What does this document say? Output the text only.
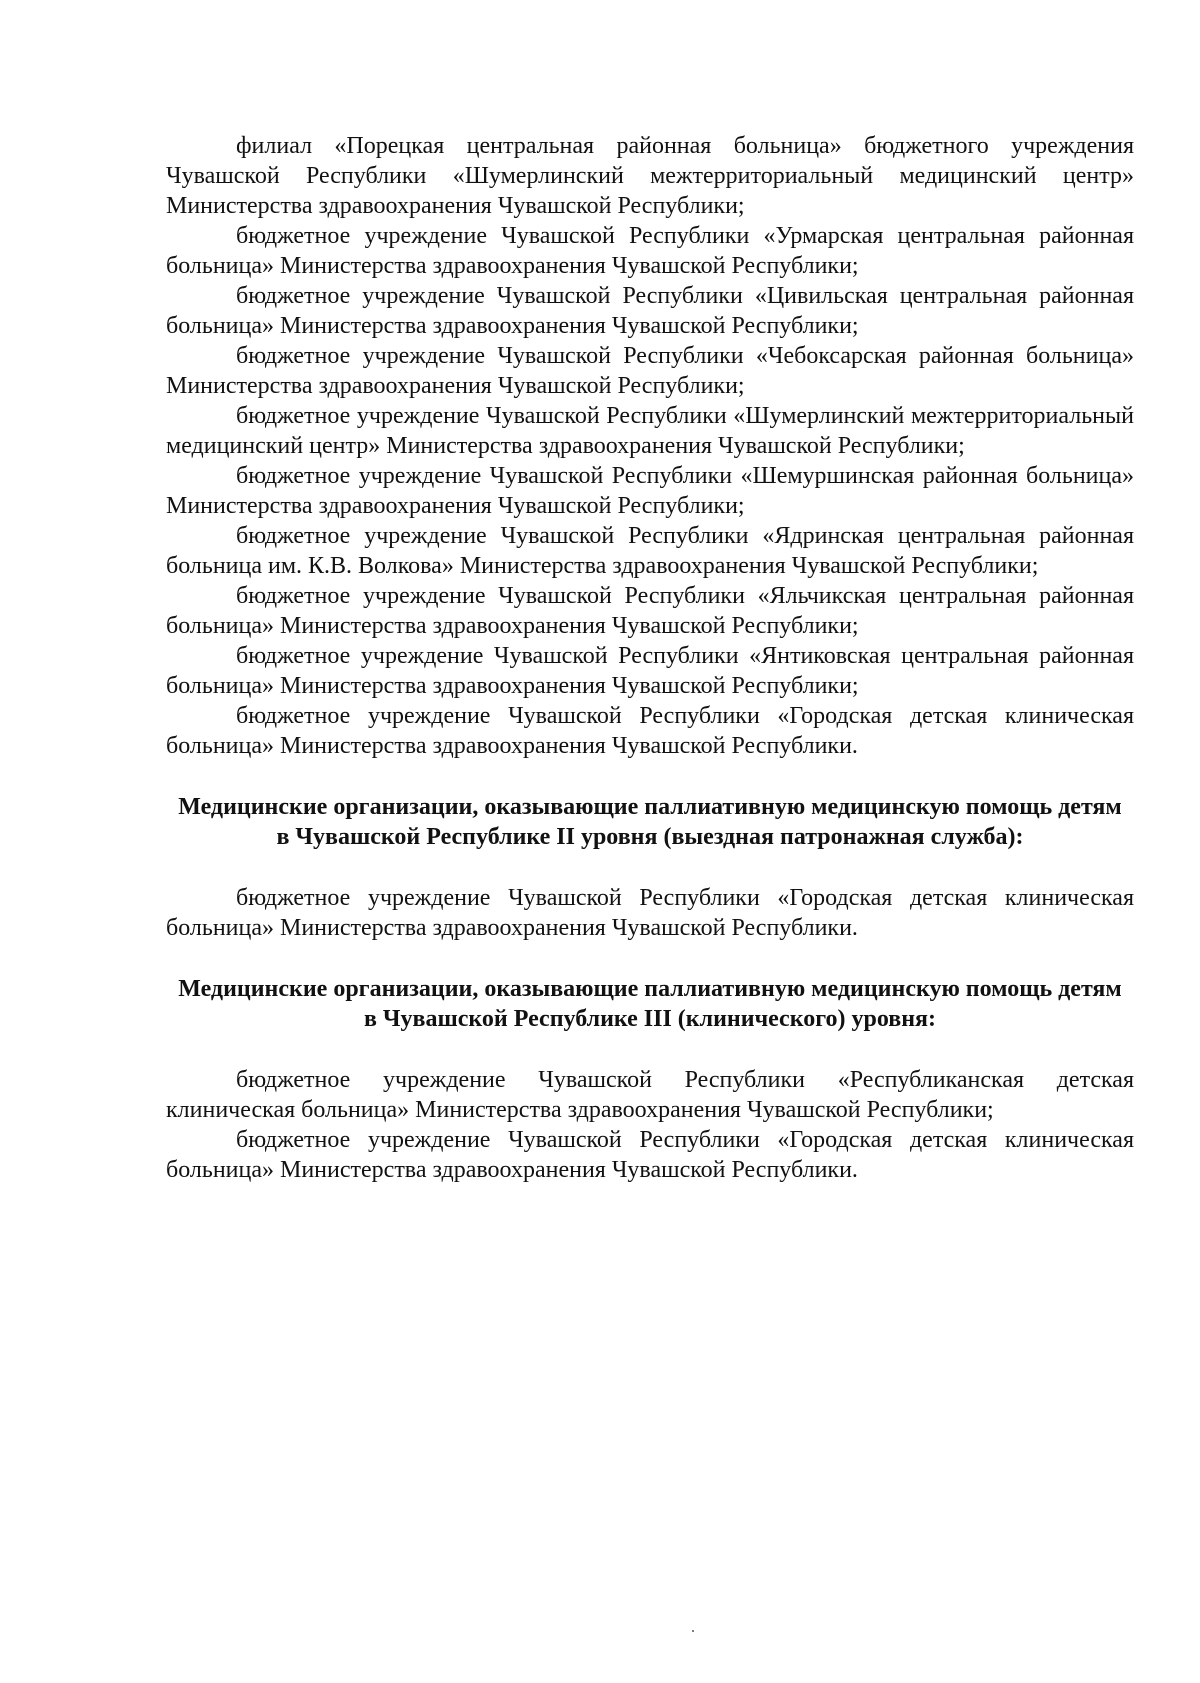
филиал «Порецкая центральная районная больница» бюджетного учреждения Чувашской Республики «Шумерлинский межтерриториальный медицинский центр» Министерства здравоохранения Чувашской Республики;

бюджетное учреждение Чувашской Республики «Урмарская центральная районная больница» Министерства здравоохранения Чувашской Республики;

бюджетное учреждение Чувашской Республики «Цивильская центральная районная больница» Министерства здравоохранения Чувашской Республики;

бюджетное учреждение Чувашской Республики «Чебоксарская районная больница» Министерства здравоохранения Чувашской Республики;

бюджетное учреждение Чувашской Республики «Шумерлинский межтерриториальный медицинский центр» Министерства здравоохранения Чувашской Республики;

бюджетное учреждение Чувашской Республики «Шемуршинская районная больница» Министерства здравоохранения Чувашской Республики;

бюджетное учреждение Чувашской Республики «Ядринская центральная районная больница им. К.В. Волкова» Министерства здравоохранения Чувашской Республики;

бюджетное учреждение Чувашской Республики «Яльчикская центральная районная больница» Министерства здравоохранения Чувашской Республики;

бюджетное учреждение Чувашской Республики «Янтиковская центральная районная больница» Министерства здравоохранения Чувашской Республики;

бюджетное учреждение Чувашской Республики «Городская детская клиническая больница» Министерства здравоохранения Чувашской Республики.

Медицинские организации, оказывающие паллиативную медицинскую помощь детям в Чувашской Республике II уровня (выездная патронажная служба):

бюджетное учреждение Чувашской Республики «Городская детская клиническая больница» Министерства здравоохранения Чувашской Республики.

Медицинские организации, оказывающие паллиативную медицинскую помощь детям в Чувашской Республике III (клинического) уровня:

бюджетное учреждение Чувашской Республики «Республиканская детская клиническая больница» Министерства здравоохранения Чувашской Республики;

бюджетное учреждение Чувашской Республики «Городская детская клиническая больница» Министерства здравоохранения Чувашской Республики.
